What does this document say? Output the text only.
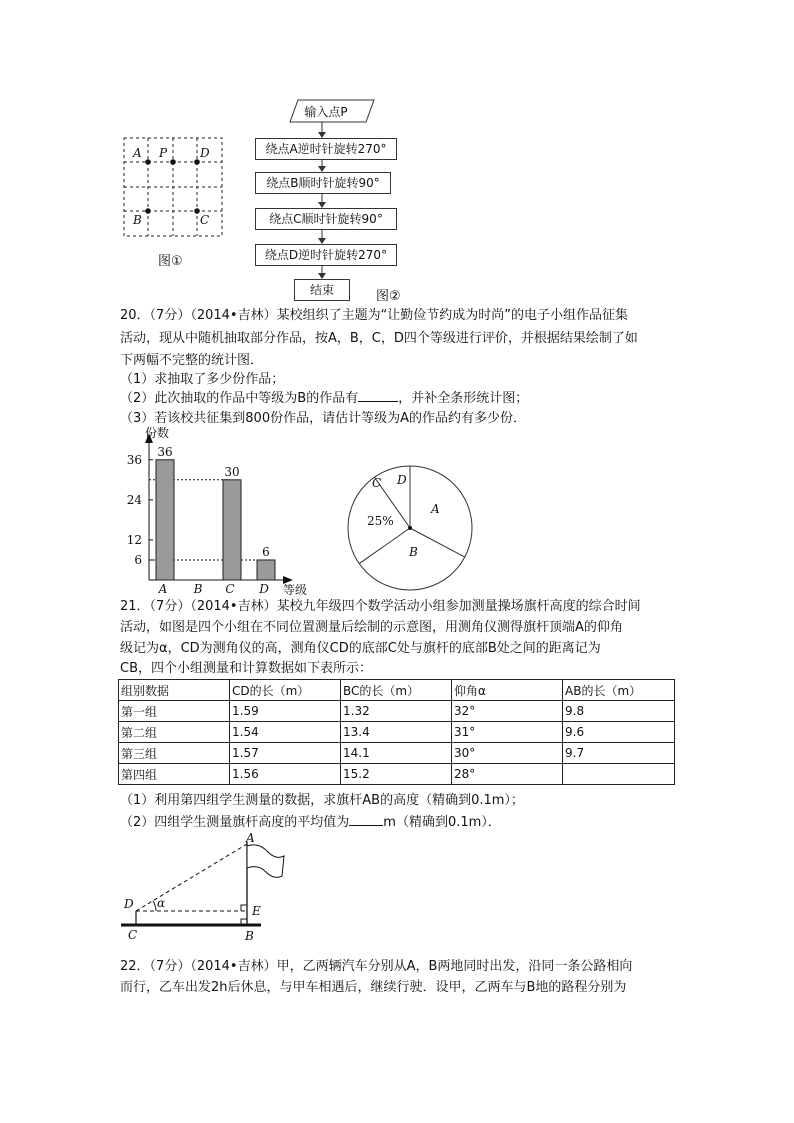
A P	D
B	C
图①
输入点P
绕点A逆时针旋转270°
绕点B顺时针旋转90°
绕点C顺时针旋转90°
绕点D逆时针旋转270°
结束	图②
20．（7分）（2014•吉林）某校组织了主题为“让勤俭节约成为时尚”的电子小组作品征集
活动，现从中随机抽取部分作品，按A，B，C，D四个等级进行评价，并根据结果绘制了如
下两幅不完整的统计图．
（1）求抽取了多少份作品；
（2）此次抽取的作品中等级为B的作品有	，并补全条形统计图；
（3）若该校共征集到800份作品，请估计等级为A的作品约有多少份．
份数
等级
6
12
24
36
36
A B
30
C
6
D
A
B
C D
25%
21．（7分）（2014•吉林）某校九年级四个数学活动小组参加测量操场旗杆高度的综合时间
活动，如图是四个小组在不同位置测量后绘制的示意图，用测角仪测得旗杆顶端A的仰角
级记为α，CD为测角仪的高，测角仪CD的底部C处与旗杆的底部B处之间的距离记为
CB，四个小组测量和计算数据如下表所示：
组别数据	CD的长（m）	BC的长（m）	仰角α	AB的长（m）
第一组	1.59	1.32	32°	9.8
第二组	1.54	13.4	31°	9.6
第三组	1.57	14.1	30°	9.7
第四组	1.56	15.2	28°	
（1）利用第四组学生测量的数据，求旗杆AB的高度（精确到0.1m）；
（2）四组学生测量旗杆高度的平均值为	m（精确到0.1m）．
A
D α
E
C	B
22．（7分）（2014•吉林）甲，乙两辆汽车分别从A，B两地同时出发，沿同一条公路相向
而行，乙车出发2h后休息，与甲车相遇后，继续行驶．设甲，乙两车与B地的路程分别为
